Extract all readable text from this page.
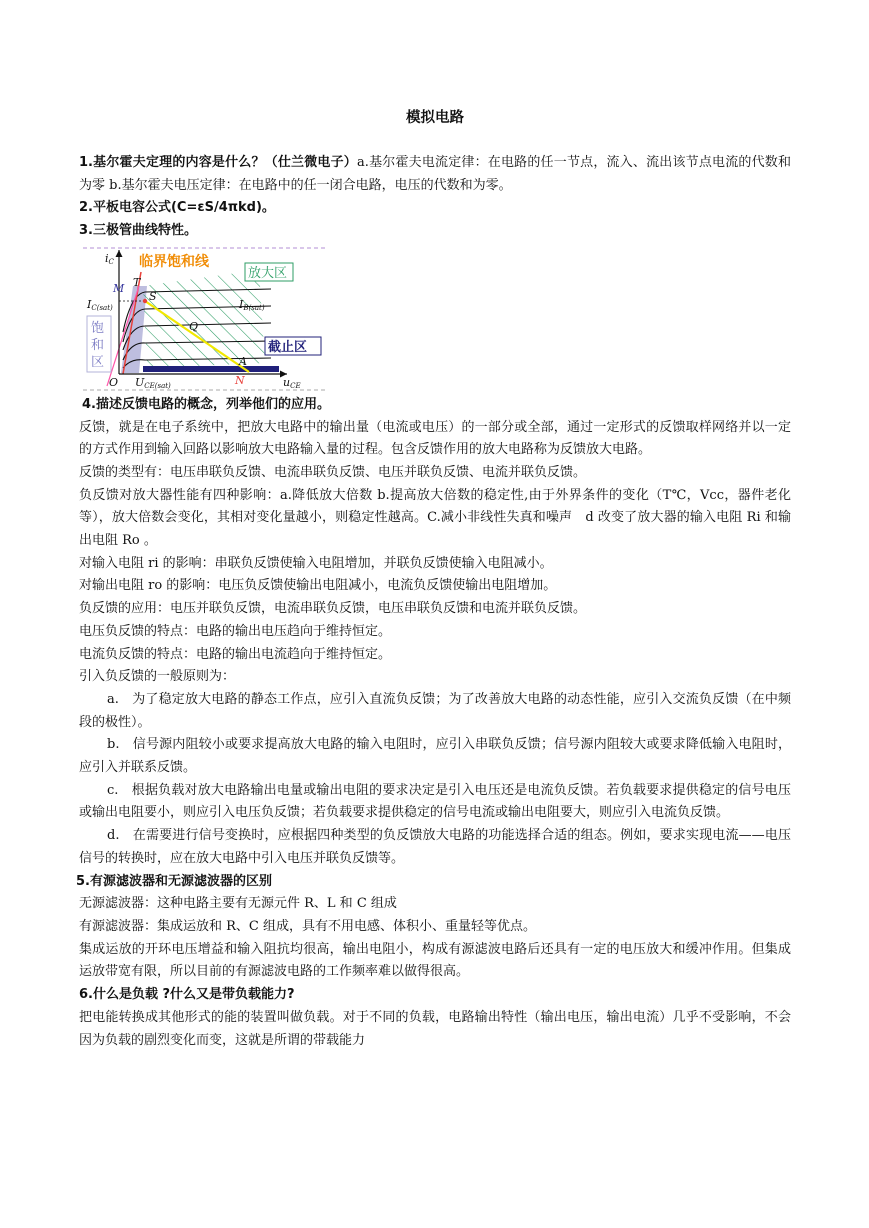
模拟电路

1.基尔霍夫定理的内容是什么？（仕兰微电子）a.基尔霍夫电流定律：在电路的任一节点，流入、流出该节点电流的代数和为零 b.基尔霍夫电压定律：在电路中的任一闭合电路，电压的代数和为零。

2.平板电容公式(C=εS/4πkd)。

3.三极管曲线特性。

iC
M T
S
Q
A
N
O
IC(sat)	IB(sat)
UCE(sat)	uCE
临界饱和线
放大区
截止区
饱
和
区

4.描述反馈电路的概念，列举他们的应用。

反馈，就是在电子系统中，把放大电路中的输出量（电流或电压）的一部分或全部，通过一定形式的反馈取样网络并以一定的方式作用到输入回路以影响放大电路输入量的过程。包含反馈作用的放大电路称为反馈放大电路。

反馈的类型有：电压串联负反馈、电流串联负反馈、电压并联负反馈、电流并联负反馈。

负反馈对放大器性能有四种影响：a.降低放大倍数 b.提高放大倍数的稳定性,由于外界条件的变化（T℃，Vcc，器件老化等），放大倍数会变化，其相对变化量越小，则稳定性越高。C.减小非线性失真和噪声　d 改变了放大器的输入电阻 Ri 和输出电阻 Ro 。

对输入电阻 ri 的影响：串联负反馈使输入电阻增加，并联负反馈使输入电阻减小。

对输出电阻 ro 的影响：电压负反馈使输出电阻减小，电流负反馈使输出电阻增加。

负反馈的应用：电压并联负反馈，电流串联负反馈，电压串联负反馈和电流并联负反馈。

电压负反馈的特点：电路的输出电压趋向于维持恒定。

电流负反馈的特点：电路的输出电流趋向于维持恒定。

引入负反馈的一般原则为：

a.　为了稳定放大电路的静态工作点，应引入直流负反馈；为了改善放大电路的动态性能，应引入交流负反馈（在中频段的极性）。

b.　信号源内阻较小或要求提高放大电路的输入电阻时，应引入串联负反馈；信号源内阻较大或要求降低输入电阻时，应引入并联系反馈。

c.　根据负载对放大电路输出电量或输出电阻的要求决定是引入电压还是电流负反馈。若负载要求提供稳定的信号电压或输出电阻要小，则应引入电压负反馈；若负载要求提供稳定的信号电流或输出电阻要大，则应引入电流负反馈。

d.　在需要进行信号变换时，应根据四种类型的负反馈放大电路的功能选择合适的组态。例如，要求实现电流——电压信号的转换时，应在放大电路中引入电压并联负反馈等。

5.有源滤波器和无源滤波器的区别

无源滤波器：这种电路主要有无源元件 R、L 和 C 组成

有源滤波器：集成运放和 R、C 组成，具有不用电感、体积小、重量轻等优点。

集成运放的开环电压增益和输入阻抗均很高，输出电阻小，构成有源滤波电路后还具有一定的电压放大和缓冲作用。但集成运放带宽有限，所以目前的有源滤波电路的工作频率难以做得很高。

6.什么是负载 ?什么又是带负载能力?

把电能转换成其他形式的能的装置叫做负载。对于不同的负载，电路输出特性（输出电压，输出电流）几乎不受影响，不会因为负载的剧烈变化而变，这就是所谓的带载能力
